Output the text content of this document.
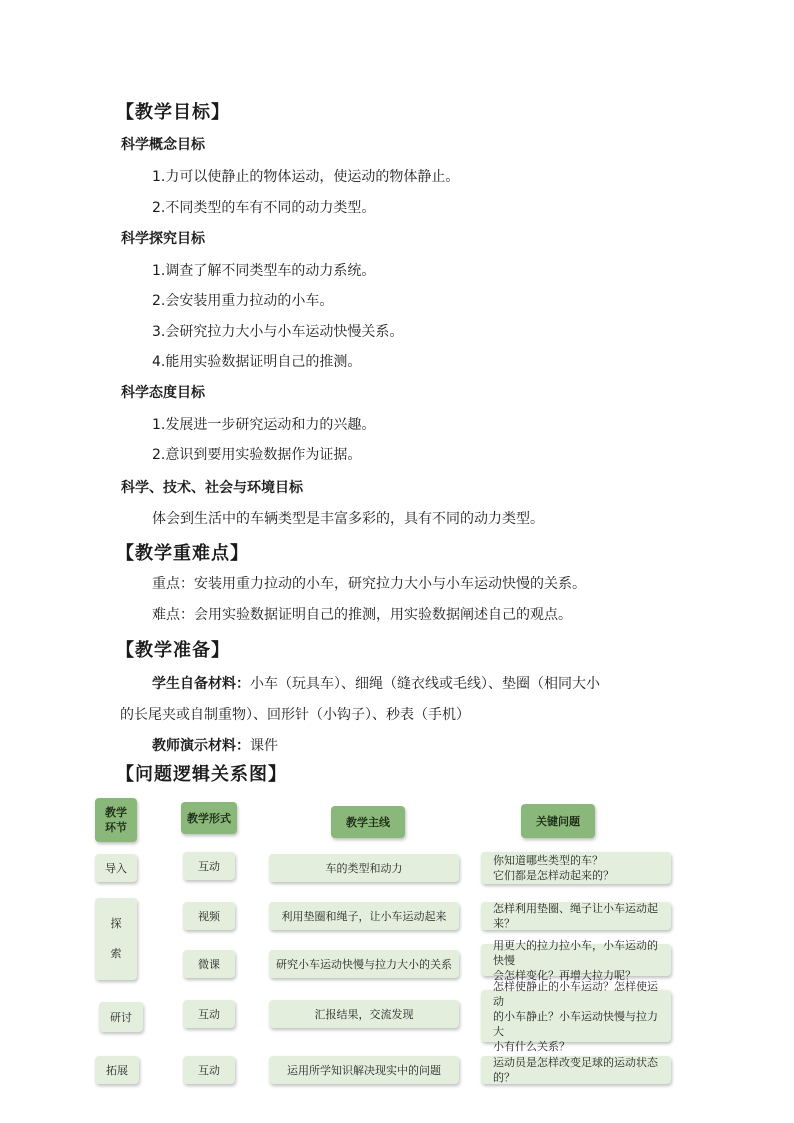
【教学目标】
科学概念目标
1.力可以使静止的物体运动，使运动的物体静止。
2.不同类型的车有不同的动力类型。
科学探究目标
1.调查了解不同类型车的动力系统。
2.会安装用重力拉动的小车。
3.会研究拉力大小与小车运动快慢关系。
4.能用实验数据证明自己的推测。
科学态度目标
1.发展进一步研究运动和力的兴趣。
2.意识到要用实验数据作为证据。
科学、技术、社会与环境目标
体会到生活中的车辆类型是丰富多彩的，具有不同的动力类型。
【教学重难点】
重点：安装用重力拉动的小车，研究拉力大小与小车运动快慢的关系。
难点：会用实验数据证明自己的推测，用实验数据阐述自己的观点。
【教学准备】
学生自备材料：小车（玩具车）、细绳（缝衣线或毛线）、垫圈（相同大小
的长尾夹或自制重物）、回形针（小钩子）、秒表（手机）
教师演示材料：课件
【问题逻辑关系图】
教学
环节
教学形式	教学主线	关键问题
导入
探
索
研讨
拓展
互动
视频
微课
互动
互动
车的类型和动力
利用垫圈和绳子，让小车运动起来
研究小车运动快慢与拉力大小的关系
汇报结果，交流发现
运用所学知识解决现实中的问题
你知道哪些类型的车？
它们都是怎样动起来的？
怎样利用垫圈、绳子让小车运动起来？
用更大的拉力拉小车，小车运动的快慢
会怎样变化？再增大拉力呢？
怎样使静止的小车运动？怎样使运动
的小车静止？小车运动快慢与拉力大
小有什么关系？
运动员是怎样改变足球的运动状态的？
